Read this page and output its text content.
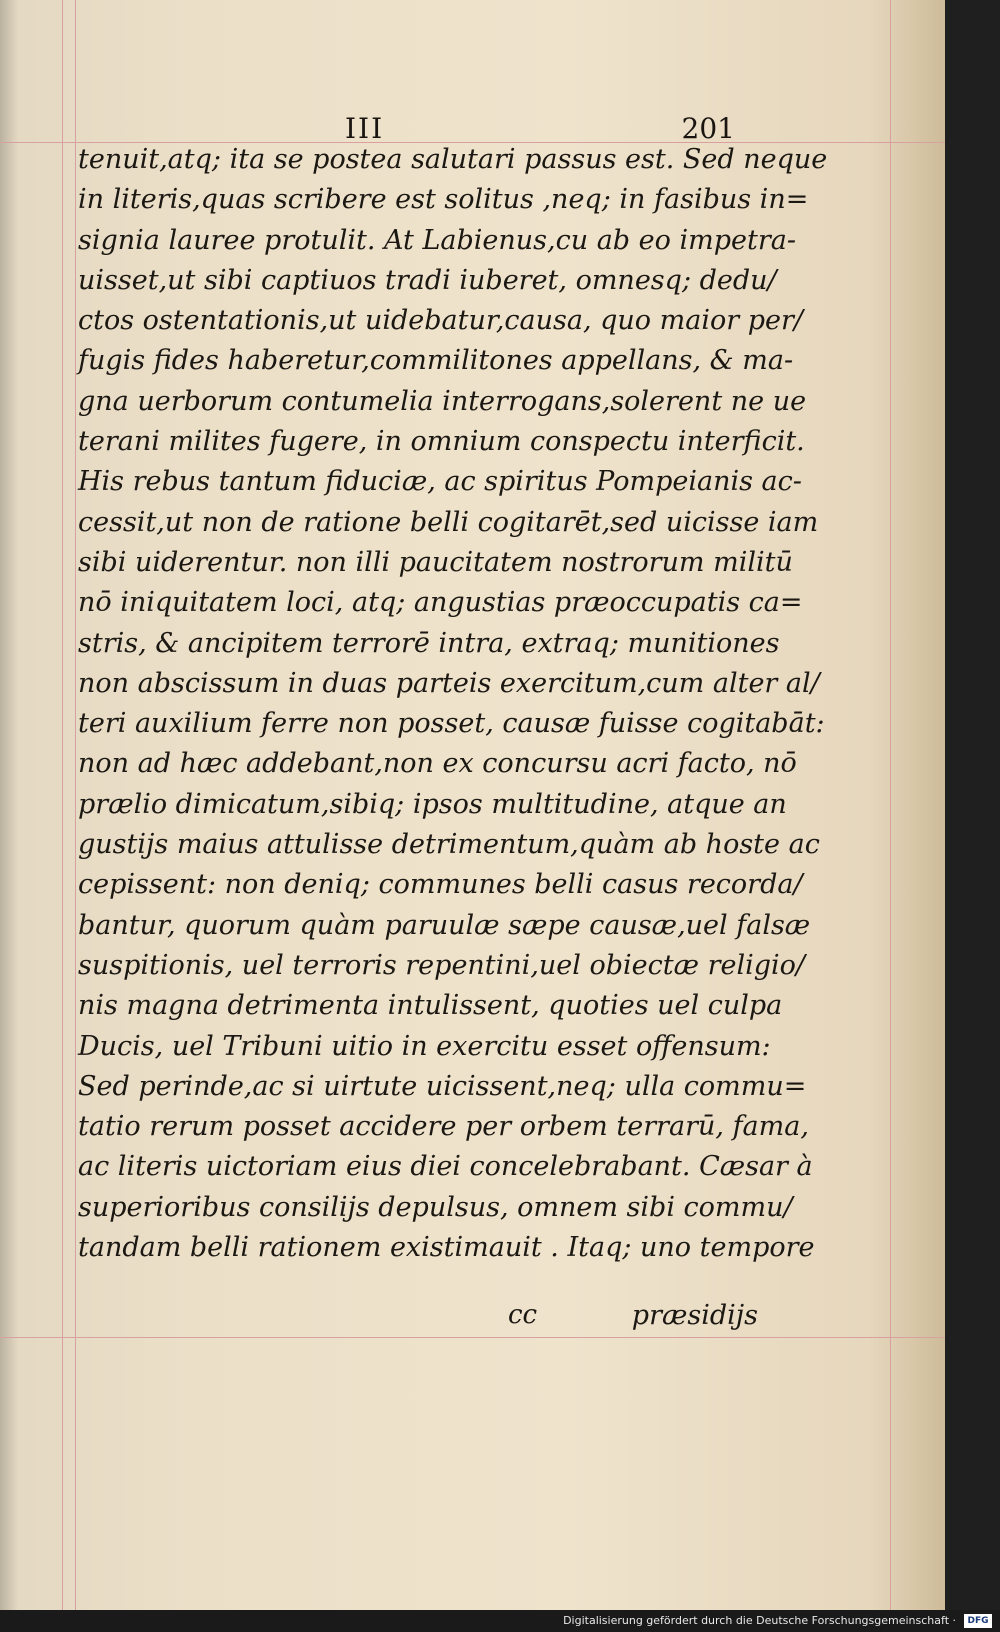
III	201
tenuit,atq; ita se postea salutari passus est. Sed neque
in literis,quas scribere est solitus ,neq; in fasibus in=
signia lauree protulit. At Labienus,cu ab eo impetra-
uisset,ut sibi captiuos tradi iuberet, omnesq; dedu/
ctos ostentationis,ut uidebatur,causa, quo maior per/
fugis fides haberetur,commilitones appellans, & ma-
gna uerborum contumelia interrogans,solerent ne ue
terani milites fugere, in omnium conspectu interficit.
His rebus tantum fiduciæ, ac spiritus Pompeianis ac-
cessit,ut non de ratione belli cogitarēt,sed uicisse iam
sibi uiderentur. non illi paucitatem nostrorum militū
nō iniquitatem loci, atq; angustias præoccupatis ca=
stris, & ancipitem terrorē intra, extraq; munitiones
non abscissum in duas parteis exercitum,cum alter al/
teri auxilium ferre non posset, causæ fuisse cogitabāt:
non ad hæc addebant,non ex concursu acri facto, nō
prælio dimicatum,sibiq; ipsos multitudine, atque an
gustijs maius attulisse detrimentum,quàm ab hoste ac
cepissent: non deniq; communes belli casus recorda/
bantur, quorum quàm paruulæ sæpe causæ,uel falsæ
suspitionis, uel terroris repentini,uel obiectæ religio/
nis magna detrimenta intulissent, quoties uel culpa
Ducis, uel Tribuni uitio in exercitu esset offensum:
Sed perinde,ac si uirtute uicissent,neq; ulla commu=
tatio rerum posset accidere per orbem terrarū, fama,
ac literis uictoriam eius diei concelebrabant. Cæsar à
superioribus consilijs depulsus, omnem sibi commu/
tandam belli rationem existimauit . Itaq; uno tempore
cc	præsidijs
Digitalisierung gefördert durch die Deutsche Forschungsgemeinschaft ·	DFG
